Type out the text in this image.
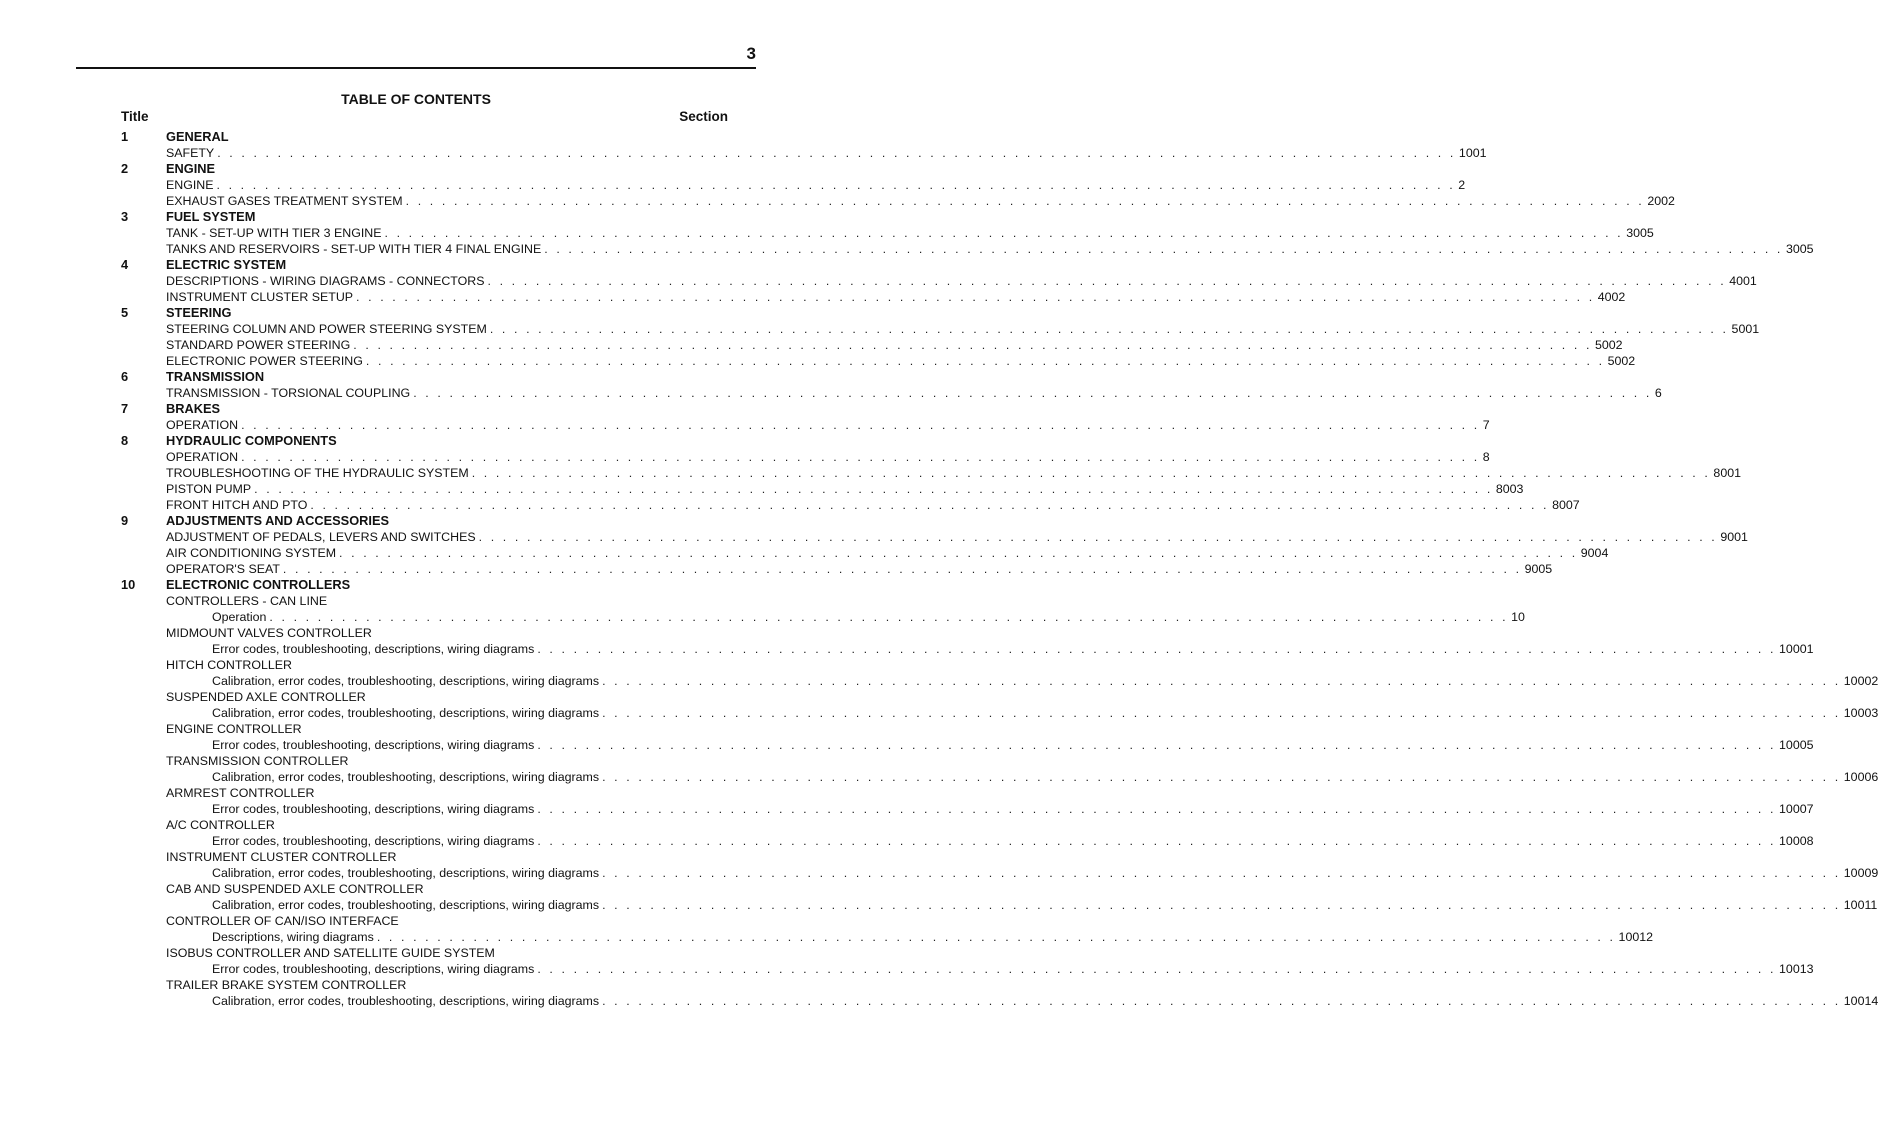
3
TABLE OF CONTENTS
Title	Section
1	GENERAL
SAFETY . . . . . . . . . . . . . . . . . . . . . . . . . . . . . . . . . . . . . . . . . . . . . . . . . . . . . . . . . . . . . . . . . . . . . . . . . . . . . . . . . . . . . . . . . . . . . . . . . . . . . . . 1001
2	ENGINE
ENGINE . . . . . . . . . . . . . . . . . . . . . . . . . . . . . . . . . . . . . . . . . . . . . . . . . . . . . . . . . . . . . . . . . . . . . . . . . . . . . . . . . . . . . . . . . . . . . . . . . . . . . . . 2
EXHAUST GASES TREATMENT SYSTEM . . . . . . . . . . . . . . . . . . . . . . . . . . . . . . . . . . . . . . . . . . . . . . . . . . . . . . . . . . . . . . . . . . . . . . . . . . . . . . . . . . . . . . . . . . . . . . . . . . . . . . . 2002
3	FUEL SYSTEM
TANK - SET-UP WITH TIER 3 ENGINE . . . . . . . . . . . . . . . . . . . . . . . . . . . . . . . . . . . . . . . . . . . . . . . . . . . . . . . . . . . . . . . . . . . . . . . . . . . . . . . . . . . . . . . . . . . . . . . . . . . . . . . 3005
TANKS AND RESERVOIRS - SET-UP WITH TIER 4 FINAL ENGINE . . . . . . . . . . . . . . . . . . . . . . . . . . . . . . . . . . . . . . . . . . . . . . . . . . . . . . . . . . . . . . . . . . . . . . . . . . . . . . . . . . . . . . . . . . . . . . . . . . . . . . . 3005
4	ELECTRIC SYSTEM
DESCRIPTIONS - WIRING DIAGRAMS - CONNECTORS . . . . . . . . . . . . . . . . . . . . . . . . . . . . . . . . . . . . . . . . . . . . . . . . . . . . . . . . . . . . . . . . . . . . . . . . . . . . . . . . . . . . . . . . . . . . . . . . . . . . . . . 4001
INSTRUMENT CLUSTER SETUP . . . . . . . . . . . . . . . . . . . . . . . . . . . . . . . . . . . . . . . . . . . . . . . . . . . . . . . . . . . . . . . . . . . . . . . . . . . . . . . . . . . . . . . . . . . . . . . . . . . . . . . 4002
5	STEERING
STEERING COLUMN AND POWER STEERING SYSTEM . . . . . . . . . . . . . . . . . . . . . . . . . . . . . . . . . . . . . . . . . . . . . . . . . . . . . . . . . . . . . . . . . . . . . . . . . . . . . . . . . . . . . . . . . . . . . . . . . . . . . . . 5001
STANDARD POWER STEERING . . . . . . . . . . . . . . . . . . . . . . . . . . . . . . . . . . . . . . . . . . . . . . . . . . . . . . . . . . . . . . . . . . . . . . . . . . . . . . . . . . . . . . . . . . . . . . . . . . . . . . . 5002
ELECTRONIC POWER STEERING . . . . . . . . . . . . . . . . . . . . . . . . . . . . . . . . . . . . . . . . . . . . . . . . . . . . . . . . . . . . . . . . . . . . . . . . . . . . . . . . . . . . . . . . . . . . . . . . . . . . . . . 5002
6	TRANSMISSION
TRANSMISSION - TORSIONAL COUPLING . . . . . . . . . . . . . . . . . . . . . . . . . . . . . . . . . . . . . . . . . . . . . . . . . . . . . . . . . . . . . . . . . . . . . . . . . . . . . . . . . . . . . . . . . . . . . . . . . . . . . . . 6
7	BRAKES
OPERATION . . . . . . . . . . . . . . . . . . . . . . . . . . . . . . . . . . . . . . . . . . . . . . . . . . . . . . . . . . . . . . . . . . . . . . . . . . . . . . . . . . . . . . . . . . . . . . . . . . . . . . . 7
8	HYDRAULIC COMPONENTS
OPERATION . . . . . . . . . . . . . . . . . . . . . . . . . . . . . . . . . . . . . . . . . . . . . . . . . . . . . . . . . . . . . . . . . . . . . . . . . . . . . . . . . . . . . . . . . . . . . . . . . . . . . . . 8
TROUBLESHOOTING OF THE HYDRAULIC SYSTEM . . . . . . . . . . . . . . . . . . . . . . . . . . . . . . . . . . . . . . . . . . . . . . . . . . . . . . . . . . . . . . . . . . . . . . . . . . . . . . . . . . . . . . . . . . . . . . . . . . . . . . . 8001
PISTON PUMP . . . . . . . . . . . . . . . . . . . . . . . . . . . . . . . . . . . . . . . . . . . . . . . . . . . . . . . . . . . . . . . . . . . . . . . . . . . . . . . . . . . . . . . . . . . . . . . . . . . . . . . 8003
FRONT HITCH AND PTO . . . . . . . . . . . . . . . . . . . . . . . . . . . . . . . . . . . . . . . . . . . . . . . . . . . . . . . . . . . . . . . . . . . . . . . . . . . . . . . . . . . . . . . . . . . . . . . . . . . . . . . 8007
9	ADJUSTMENTS AND ACCESSORIES
ADJUSTMENT OF PEDALS, LEVERS AND SWITCHES . . . . . . . . . . . . . . . . . . . . . . . . . . . . . . . . . . . . . . . . . . . . . . . . . . . . . . . . . . . . . . . . . . . . . . . . . . . . . . . . . . . . . . . . . . . . . . . . . . . . . . . 9001
AIR CONDITIONING SYSTEM . . . . . . . . . . . . . . . . . . . . . . . . . . . . . . . . . . . . . . . . . . . . . . . . . . . . . . . . . . . . . . . . . . . . . . . . . . . . . . . . . . . . . . . . . . . . . . . . . . . . . . . 9004
OPERATOR'S SEAT . . . . . . . . . . . . . . . . . . . . . . . . . . . . . . . . . . . . . . . . . . . . . . . . . . . . . . . . . . . . . . . . . . . . . . . . . . . . . . . . . . . . . . . . . . . . . . . . . . . . . . . 9005
10 ELECTRONIC CONTROLLERS
CONTROLLERS - CAN LINE
Operation . . . . . . . . . . . . . . . . . . . . . . . . . . . . . . . . . . . . . . . . . . . . . . . . . . . . . . . . . . . . . . . . . . . . . . . . . . . . . . . . . . . . . . . . . . . . . . . . . . . . . . . 10
MIDMOUNT VALVES CONTROLLER
Error codes, troubleshooting, descriptions, wiring diagrams . . . . . . . . . . . . . . . . . . . . . . . . . . . . . . . . . . . . . . . . . . . . . . . . . . . . . . . . . . . . . . . . . . . . . . . . . . . . . . . . . . . . . . . . . . . . . . . . . . . . . . . 10001
HITCH CONTROLLER
Calibration, error codes, troubleshooting, descriptions, wiring diagrams . . . . . . . . . . . . . . . . . . . . . . . . . . . . . . . . . . . . . . . . . . . . . . . . . . . . . . . . . . . . . . . . . . . . . . . . . . . . . . . . . . . . . . . . . . . . . . . . . . . . . . . 10002
SUSPENDED AXLE CONTROLLER
Calibration, error codes, troubleshooting, descriptions, wiring diagrams . . . . . . . . . . . . . . . . . . . . . . . . . . . . . . . . . . . . . . . . . . . . . . . . . . . . . . . . . . . . . . . . . . . . . . . . . . . . . . . . . . . . . . . . . . . . . . . . . . . . . . . 10003
ENGINE CONTROLLER
Error codes, troubleshooting, descriptions, wiring diagrams . . . . . . . . . . . . . . . . . . . . . . . . . . . . . . . . . . . . . . . . . . . . . . . . . . . . . . . . . . . . . . . . . . . . . . . . . . . . . . . . . . . . . . . . . . . . . . . . . . . . . . . 10005
TRANSMISSION CONTROLLER
Calibration, error codes, troubleshooting, descriptions, wiring diagrams . . . . . . . . . . . . . . . . . . . . . . . . . . . . . . . . . . . . . . . . . . . . . . . . . . . . . . . . . . . . . . . . . . . . . . . . . . . . . . . . . . . . . . . . . . . . . . . . . . . . . . . 10006
ARMREST CONTROLLER
Error codes, troubleshooting, descriptions, wiring diagrams . . . . . . . . . . . . . . . . . . . . . . . . . . . . . . . . . . . . . . . . . . . . . . . . . . . . . . . . . . . . . . . . . . . . . . . . . . . . . . . . . . . . . . . . . . . . . . . . . . . . . . . 10007
A/C CONTROLLER
Error codes, troubleshooting, descriptions, wiring diagrams . . . . . . . . . . . . . . . . . . . . . . . . . . . . . . . . . . . . . . . . . . . . . . . . . . . . . . . . . . . . . . . . . . . . . . . . . . . . . . . . . . . . . . . . . . . . . . . . . . . . . . . 10008
INSTRUMENT CLUSTER CONTROLLER
Calibration, error codes, troubleshooting, descriptions, wiring diagrams . . . . . . . . . . . . . . . . . . . . . . . . . . . . . . . . . . . . . . . . . . . . . . . . . . . . . . . . . . . . . . . . . . . . . . . . . . . . . . . . . . . . . . . . . . . . . . . . . . . . . . . 10009
CAB AND SUSPENDED AXLE CONTROLLER
Calibration, error codes, troubleshooting, descriptions, wiring diagrams . . . . . . . . . . . . . . . . . . . . . . . . . . . . . . . . . . . . . . . . . . . . . . . . . . . . . . . . . . . . . . . . . . . . . . . . . . . . . . . . . . . . . . . . . . . . . . . . . . . . . . . 10011
CONTROLLER OF CAN/ISO INTERFACE
Descriptions, wiring diagrams . . . . . . . . . . . . . . . . . . . . . . . . . . . . . . . . . . . . . . . . . . . . . . . . . . . . . . . . . . . . . . . . . . . . . . . . . . . . . . . . . . . . . . . . . . . . . . . . . . . . . . . 10012
ISOBUS CONTROLLER AND SATELLITE GUIDE SYSTEM
Error codes, troubleshooting, descriptions, wiring diagrams . . . . . . . . . . . . . . . . . . . . . . . . . . . . . . . . . . . . . . . . . . . . . . . . . . . . . . . . . . . . . . . . . . . . . . . . . . . . . . . . . . . . . . . . . . . . . . . . . . . . . . . 10013
TRAILER BRAKE SYSTEM CONTROLLER
Calibration, error codes, troubleshooting, descriptions, wiring diagrams . . . . . . . . . . . . . . . . . . . . . . . . . . . . . . . . . . . . . . . . . . . . . . . . . . . . . . . . . . . . . . . . . . . . . . . . . . . . . . . . . . . . . . . . . . . . . . . . . . . . . . . 10014
